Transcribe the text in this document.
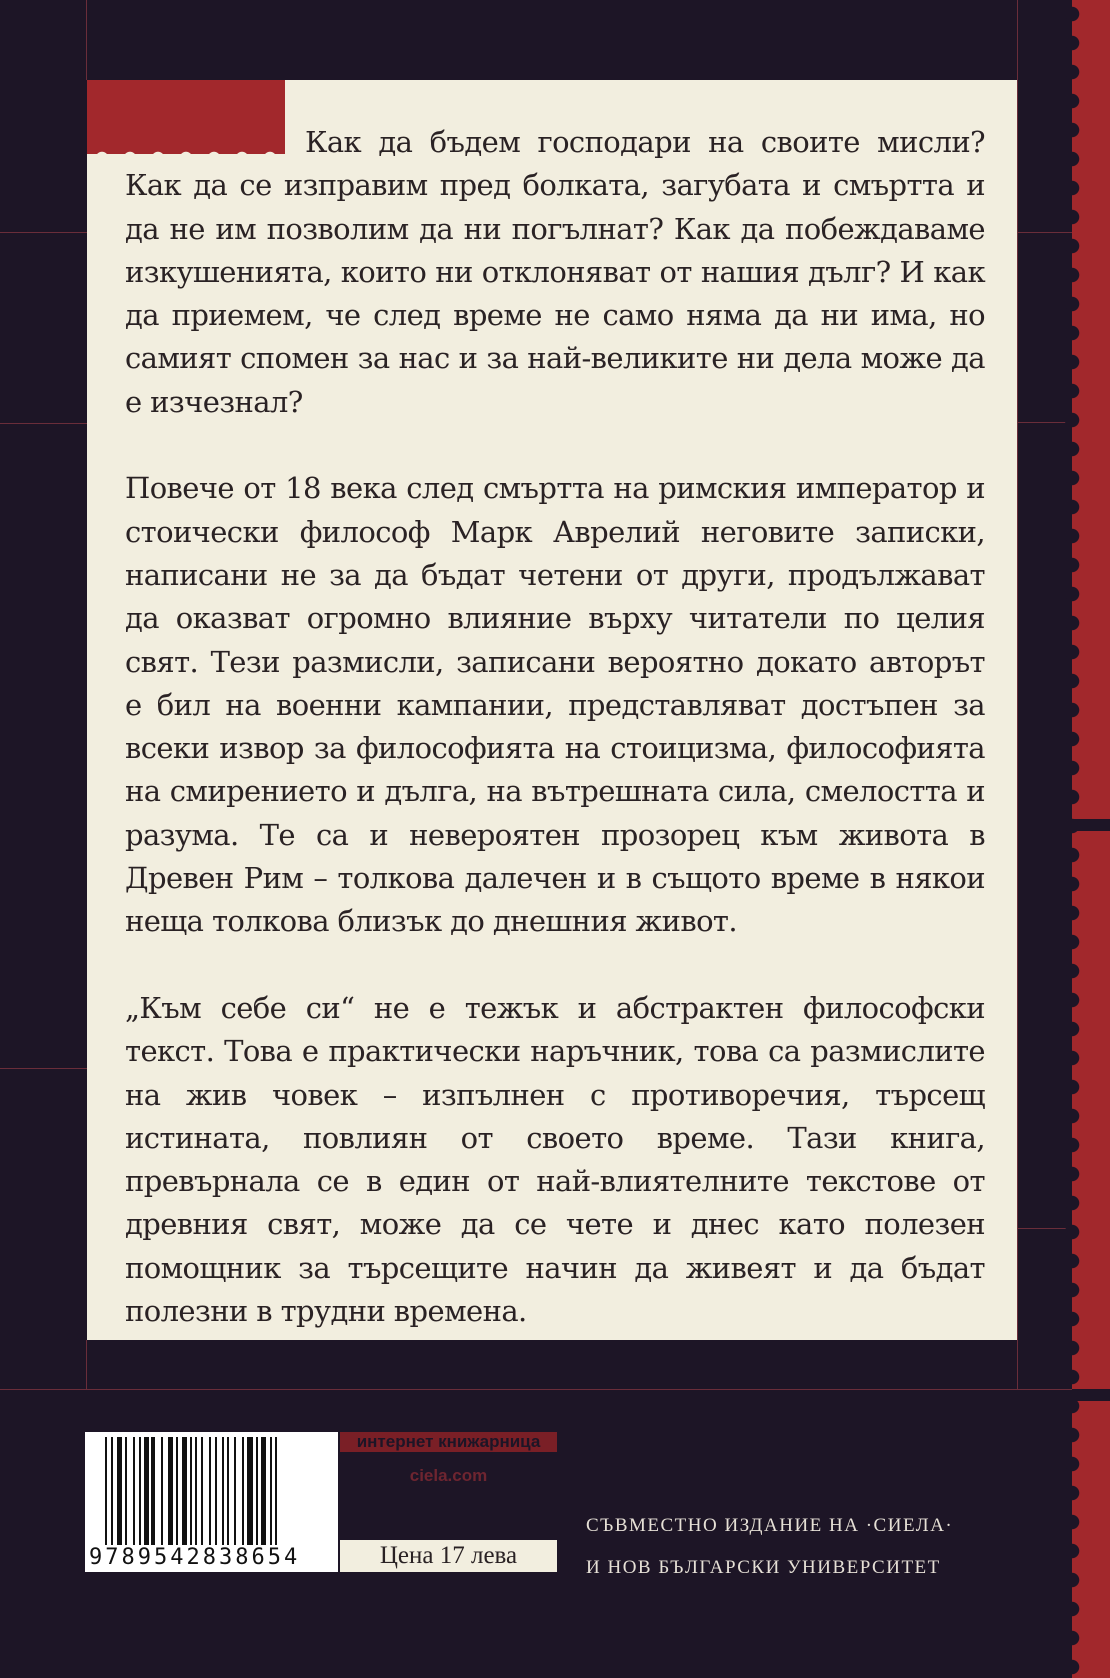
Как да бъдем господари на своите мисли? Как да се изправим пред болката, загубата и смъртта и да не им позволим да ни погълнат? Как да побеждаваме изкушенията, които ни отклоняват от нашия дълг? И как да приемем, че след време не само няма да ни има, но самият спомен за нас и за най-великите ни дела може да е изчезнал?

Повече от 18 века след смъртта на римския император и стоически философ Марк Аврелий неговите записки, написани не за да бъдат четени от други, продължават да оказват огромно влияние върху читатели по целия свят. Тези размисли, записани вероятно докато авторът е бил на военни кампании, представляват достъпен за всеки извор за философията на стоицизма, философията на смирението и дълга, на вътрешната сила, смелостта и разума. Те са и невероятен прозорец към живота в Древен Рим – толкова далечен и в същото време в някои неща толкова близък до днешния живот.

„Към себе си“ не е тежък и абстрактен философски текст. Това е практически наръчник, това са размислите на жив човек – изпълнен с противоречия, търсещ истината, повлиян от своето време. Тази книга, превърнала се в един от най-влиятелните текстове от древния свят, може да се чете и днес като полезен помощник за търсещите начин да живеят и да бъдат полезни в трудни времена.

9789542838654
интернет книжарница
ciela.com
Цена 17 лева
СЪВМЕСТНО ИЗДАНИЕ НА ·СИЕЛА·
И НОВ БЪЛГАРСКИ УНИВЕРСИТЕТ
